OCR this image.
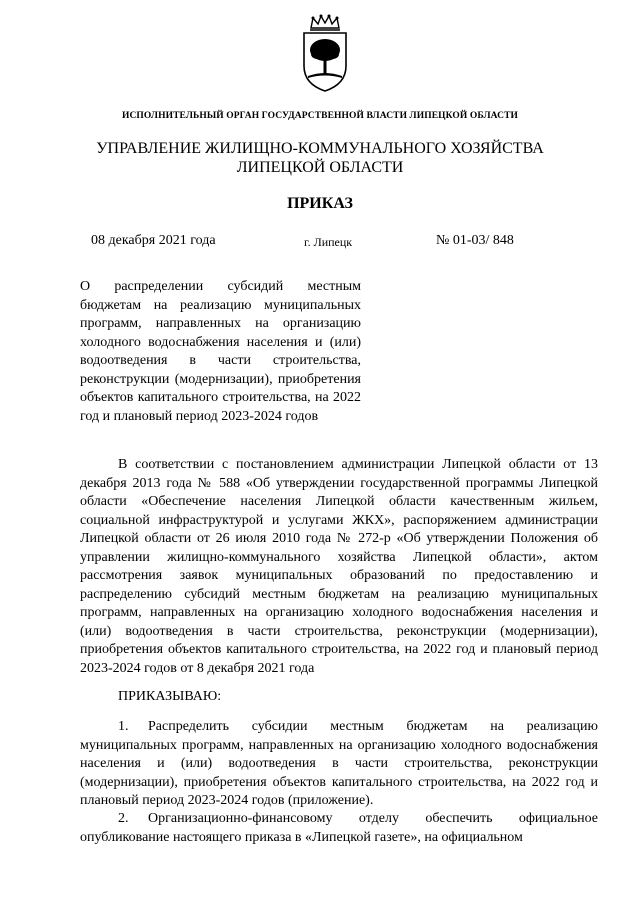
ИСПОЛНИТЕЛЬНЫЙ ОРГАН ГОСУДАРСТВЕННОЙ ВЛАСТИ ЛИПЕЦКОЙ ОБЛАСТИ
УПРАВЛЕНИЕ ЖИЛИЩНО-КОММУНАЛЬНОГО ХОЗЯЙСТВА
ЛИПЕЦКОЙ ОБЛАСТИ
ПРИКАЗ
08 декабря 2021 года	г. Липецк	№ 01-03/ 848
О распределении субсидий местным бюджетам на реализацию муниципальных программ, направленных на организацию холодного водоснабжения населения и (или) водоотведения в части строительства, реконструкции (модернизации), приобретения объектов капитального строительства, на 2022 год и плановый период 2023-2024 годов
В соответствии с постановлением администрации Липецкой области от 13 декабря 2013 года № 588 «Об утверждении государственной программы Липецкой области «Обеспечение населения Липецкой области качественным жильем, социальной инфраструктурой и услугами ЖКХ», распоряжением администрации Липецкой области от 26 июля 2010 года № 272-р «Об утверждении Положения об управлении жилищно-коммунального хозяйства Липецкой области», актом рассмотрения заявок муниципальных образований по предоставлению и распределению субсидий местным бюджетам на реализацию муниципальных программ, направленных на организацию холодного водоснабжения населения и (или) водоотведения в части строительства, реконструкции (модернизации), приобретения объектов капитального строительства, на 2022 год и плановый период 2023-2024 годов от 8 декабря 2021 года
ПРИКАЗЫВАЮ:
1. Распределить субсидии местным бюджетам на реализацию муниципальных программ, направленных на организацию холодного водоснабжения населения и (или) водоотведения в части строительства, реконструкции (модернизации), приобретения объектов капитального строительства, на 2022 год и плановый период 2023-2024 годов (приложение).
2. Организационно-финансовому отделу обеспечить официальное опубликование настоящего приказа в «Липецкой газете», на официальном
